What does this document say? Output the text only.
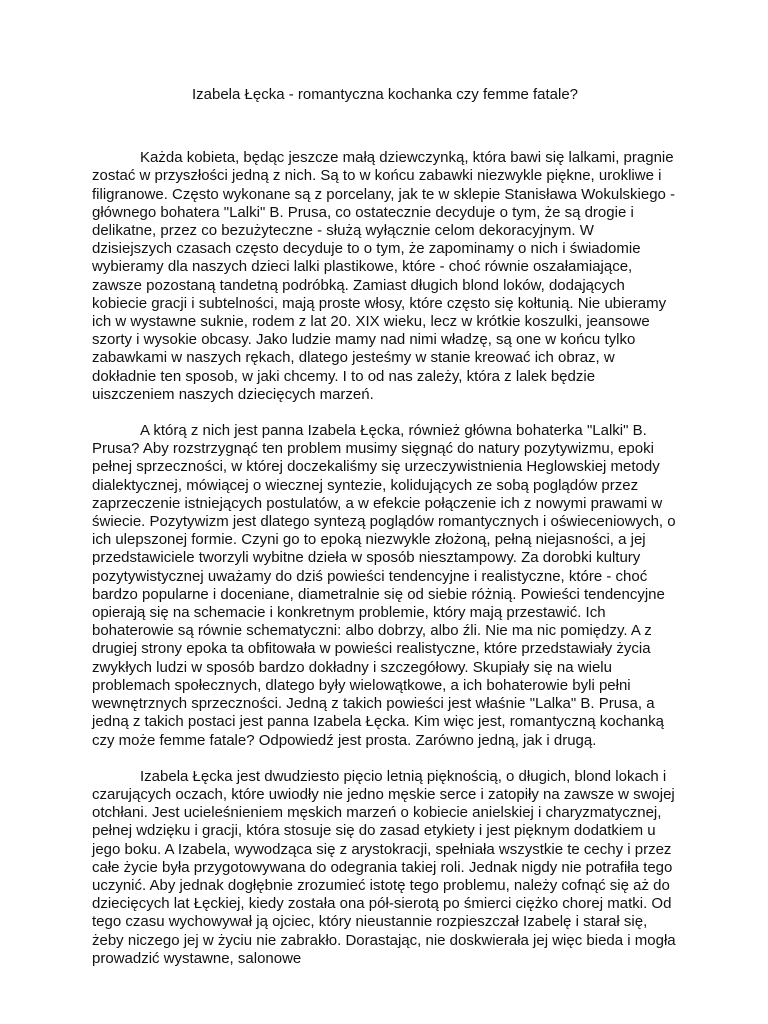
Izabela Łęcka - romantyczna kochanka czy femme fatale?

Każda kobieta, będąc jeszcze małą dziewczynką, która bawi się lalkami, pragnie zostać w przyszłości jedną z nich. Są to w końcu zabawki niezwykle piękne, urokliwe i filigranowe. Często wykonane są z porcelany, jak te w sklepie Stanisława Wokulskiego - głównego bohatera "Lalki" B. Prusa, co ostatecznie decyduje o tym, że są drogie i delikatne, przez co bezużyteczne - służą wyłącznie celom dekoracyjnym. W dzisiejszych czasach często decyduje to o tym, że zapominamy o nich i świadomie wybieramy dla naszych dzieci lalki plastikowe, które - choć równie oszałamiające, zawsze pozostaną tandetną podróbką. Zamiast długich blond loków, dodających kobiecie gracji i subtelności, mają proste włosy, które często się kołtunią. Nie ubieramy ich w wystawne suknie, rodem z lat 20. XIX wieku, lecz w krótkie koszulki, jeansowe szorty i wysokie obcasy. Jako ludzie mamy nad nimi władzę, są one w końcu tylko zabawkami w naszych rękach, dlatego jesteśmy w stanie kreować ich obraz, w dokładnie ten sposob, w jaki chcemy. I to od nas zależy, która z lalek będzie uiszczeniem naszych dziecięcych marzeń.

A którą z nich jest panna Izabela Łęcka, również główna bohaterka "Lalki" B. Prusa? Aby rozstrzygnąć ten problem musimy sięgnąć do natury pozytywizmu, epoki pełnej sprzeczności, w której doczekaliśmy się urzeczywistnienia Heglowskiej metody dialektycznej, mówiącej o wiecznej syntezie, kolidujących ze sobą poglądów przez zaprzeczenie istniejących postulatów, a w efekcie połączenie ich z nowymi prawami w świecie. Pozytywizm jest dlatego syntezą poglądów romantycznych i oświeceniowych, o ich ulepszonej formie. Czyni go to epoką niezwykle złożoną, pełną niejasności, a jej przedstawiciele tworzyli wybitne dzieła w sposób niesztampowy. Za dorobki kultury pozytywistycznej uważamy do dziś powieści tendencyjne i realistyczne, które - choć bardzo popularne i doceniane, diametralnie się od siebie różnią. Powieści tendencyjne opierają się na schemacie i konkretnym problemie, który mają przestawić. Ich bohaterowie są równie schematyczni: albo dobrzy, albo źli. Nie ma nic pomiędzy. A z drugiej strony epoka ta obfitowała w powieści realistyczne, które przedstawiały życia zwykłych ludzi w sposób bardzo dokładny i szczegółowy. Skupiały się na wielu problemach społecznych, dlatego były wielowątkowe, a ich bohaterowie byli pełni wewnętrznych sprzeczności. Jedną z takich powieści jest właśnie "Lalka" B. Prusa, a jedną z takich postaci jest panna Izabela Łęcka. Kim więc jest, romantyczną kochanką czy może femme fatale? Odpowiedź jest prosta. Zarówno jedną, jak i drugą.

Izabela Łęcka jest dwudziesto pięcio letnią pięknością, o długich, blond lokach i czarujących oczach, które uwiodły nie jedno męskie serce i zatopiły na zawsze w swojej otchłani. Jest ucieleśnieniem męskich marzeń o kobiecie anielskiej i charyzmatycznej, pełnej wdzięku i gracji, która stosuje się do zasad etykiety i jest pięknym dodatkiem u jego boku. A Izabela, wywodząca się z arystokracji, spełniała wszystkie te cechy i przez całe życie była przygotowywana do odegrania takiej roli. Jednak nigdy nie potrafiła tego uczynić. Aby jednak dogłębnie zrozumieć istotę tego problemu, należy cofnąć się aż do dziecięcych lat Łęckiej, kiedy została ona pół-sierotą po śmierci ciężko chorej matki. Od tego czasu wychowywał ją ojciec, który nieustannie rozpieszczał Izabelę i starał się, żeby niczego jej w życiu nie zabrakło. Dorastając, nie doskwierała jej więc bieda i mogła prowadzić wystawne, salonowe
